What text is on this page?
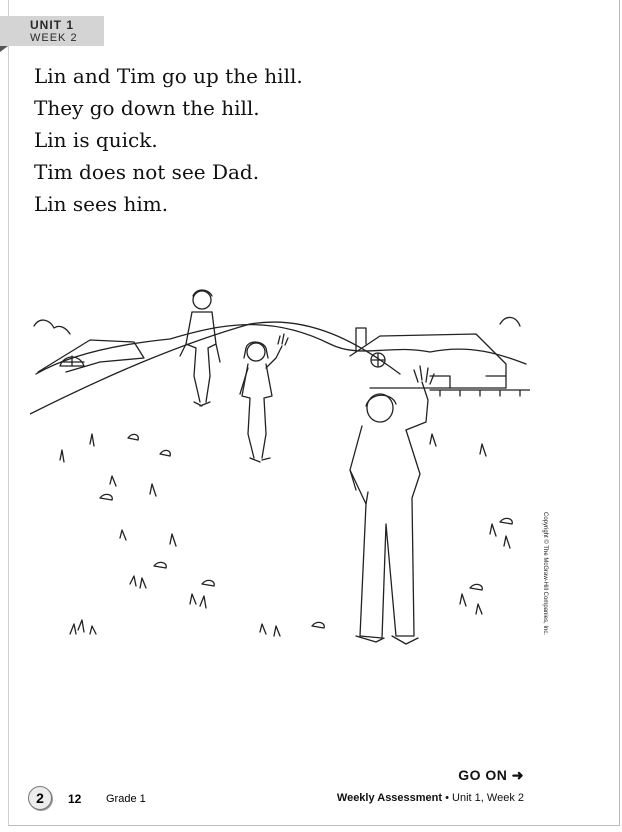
UNIT 1
WEEK 2

Lin and Tim go up the hill.

They go down the hill.

Lin is quick.

Tim does not see Dad.

Lin sees him.

Copyright © The McGraw-Hill Companies, Inc.
GO ON ➜
2	12 Grade 1	Weekly Assessment • Unit 1, Week 2
